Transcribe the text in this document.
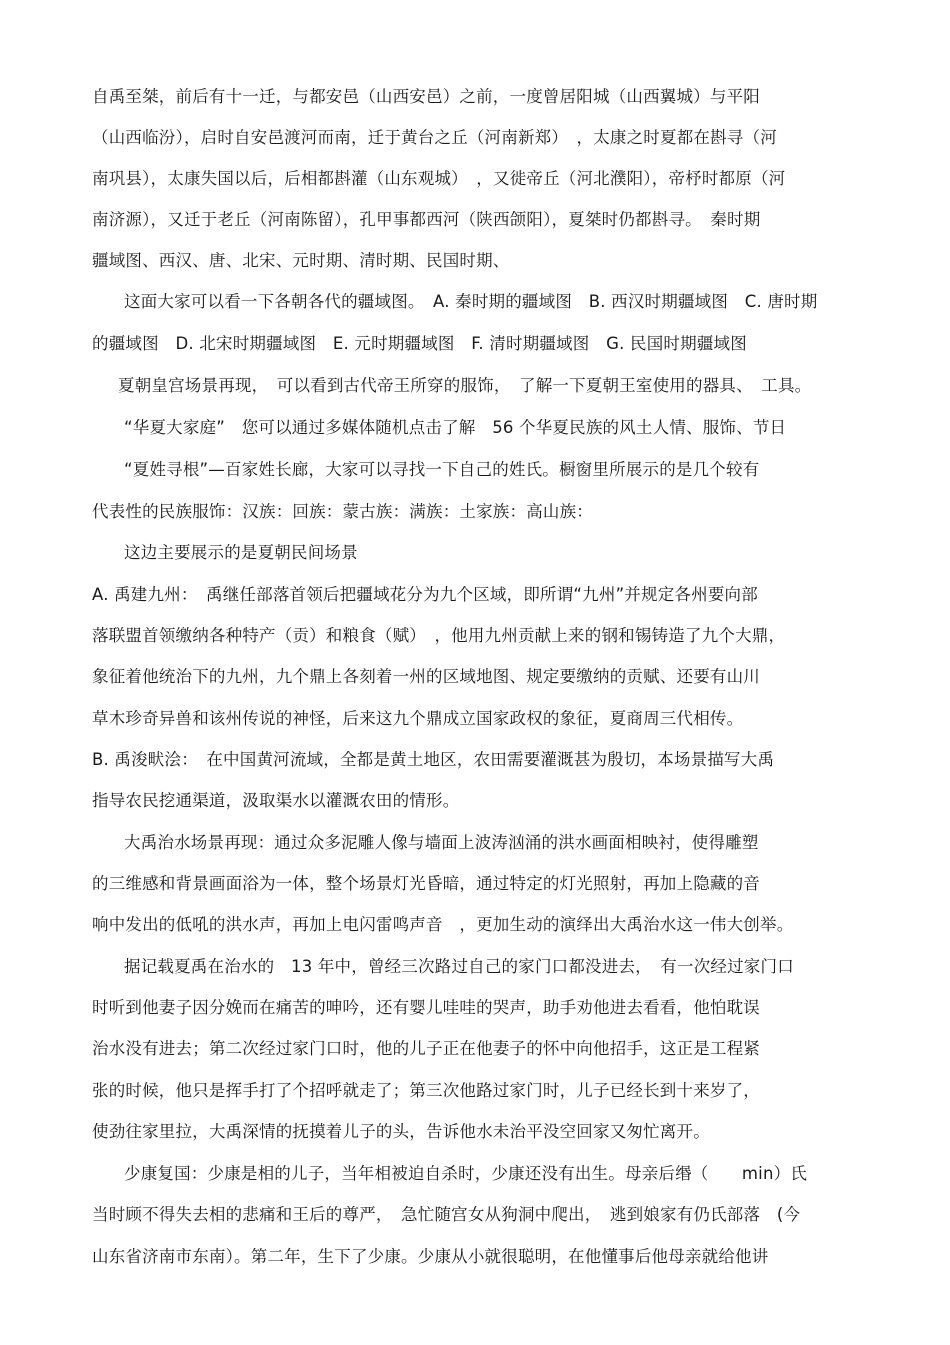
自禹至桀，前后有十一迁，与都安邑（山西安邑）之前，一度曾居阳城（山西翼城）与平阳
（山西临汾），启时自安邑渡河而南，迁于黄台之丘（河南新郑）　，太康之时夏都在斟寻（河
南巩县），太康失国以后，后相都斟灌（山东观城）　，又徙帝丘（河北濮阳），帝杼时都原（河
南济源），又迁于老丘（河南陈留），孔甲事都西河（陕西颌阳），夏桀时仍都斟寻。　秦时期
疆域图、西汉、唐、北宋、元时期、清时期、民国时期、
这面大家可以看一下各朝各代的疆域图。　A. 秦时期的疆域图　B. 西汉时期疆域图　C. 唐时期
的疆域图　D. 北宋时期疆域图　E. 元时期疆域图　F. 清时期疆域图　G. 民国时期疆域图
夏朝皇宫场景再现，　可以看到古代帝王所穿的服饰，　了解一下夏朝王室使用的器具、　工具。
“华夏大家庭”　您可以通过多媒体随机点击了解　56 个华夏民族的风土人情、服饰、节日
“夏姓寻根”—百家姓长廊，大家可以寻找一下自己的姓氏。橱窗里所展示的是几个较有
代表性的民族服饰：汉族：回族：蒙古族：满族：土家族：高山族：
这边主要展示的是夏朝民间场景
A. 禹建九州：　禹继任部落首领后把疆域花分为九个区域，即所谓“九州”并规定各州要向部
落联盟首领缴纳各种特产（贡）和粮食（赋）　，他用九州贡献上来的钢和锡铸造了九个大鼎，
象征着他统治下的九州，九个鼎上各刻着一州的区域地图、规定要缴纳的贡赋、还要有山川
草木珍奇异兽和该州传说的神怪，后来这九个鼎成立国家政权的象征，夏商周三代相传。
B. 禹浚畎浍：　在中国黄河流域，全都是黄土地区，农田需要灌溉甚为殷切，本场景描写大禹
指导农民挖通渠道，汲取渠水以灌溉农田的情形。
大禹治水场景再现：通过众多泥雕人像与墙面上波涛汹涌的洪水画面相映衬，使得雕塑
的三维感和背景画面浴为一体，整个场景灯光昏暗，通过特定的灯光照射，再加上隐藏的音
响中发出的低吼的洪水声，再加上电闪雷鸣声音　，更加生动的演绎出大禹治水这一伟大创举。
据记载夏禹在治水的　13 年中，曾经三次路过自己的家门口都没进去，　有一次经过家门口
时听到他妻子因分娩而在痛苦的呻吟，还有婴儿哇哇的哭声，助手劝他进去看看，他怕耽误
治水没有进去；第二次经过家门口时，他的儿子正在他妻子的怀中向他招手，这正是工程紧
张的时候，他只是挥手打了个招呼就走了；第三次他路过家门时，儿子已经长到十来岁了，
使劲往家里拉，大禹深情的抚摸着儿子的头，告诉他水未治平没空回家又匆忙离开。
少康复国：少康是相的儿子，当年相被迫自杀时，少康还没有出生。母亲后缗（　　min）氏
当时顾不得失去相的悲痛和王后的尊严，　急忙随宫女从狗洞中爬出，　逃到娘家有仍氏部落　(今
山东省济南市东南）。第二年，生下了少康。少康从小就很聪明，在他懂事后他母亲就给他讲
